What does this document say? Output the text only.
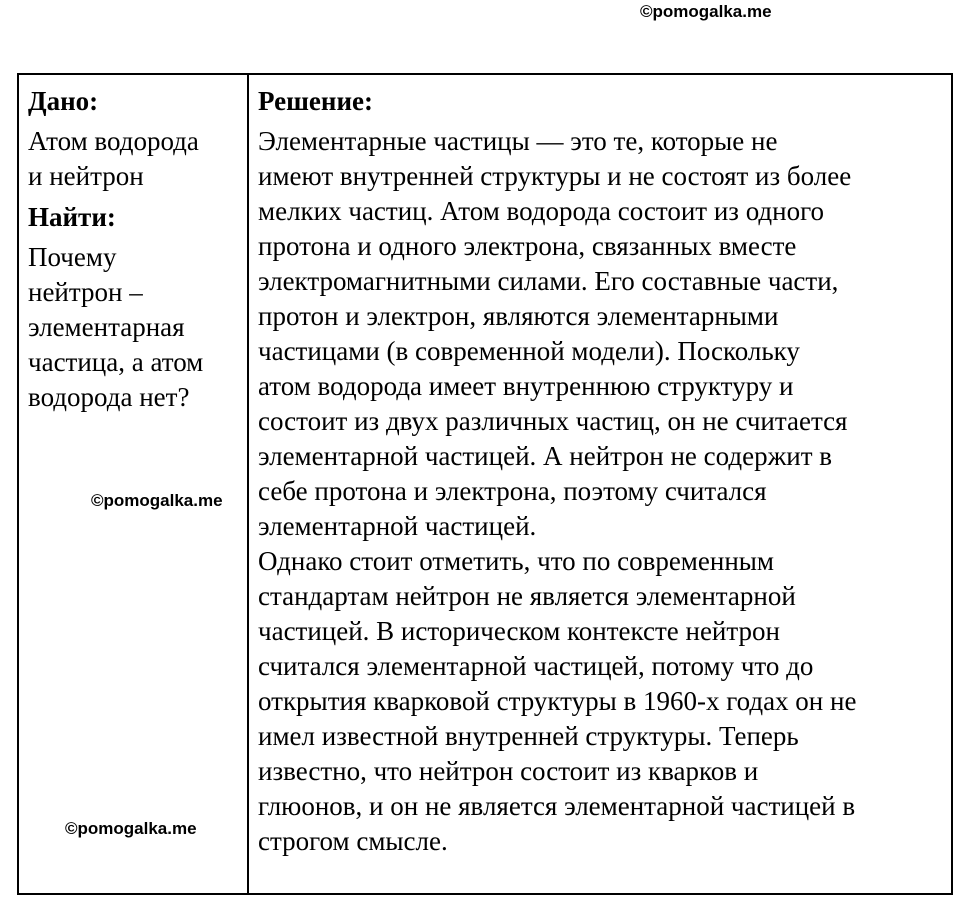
Дано:

Атом водорода
и нейтрон

Найти:

Почему
нейтрон –
элементарная
частица, а атом
водорода нет?

©pomogalka.me
©pomogalka.me
Решение:

Элементарные частицы — это те, которые не
имеют внутренней структуры и не состоят из более
мелких частиц. Атом водорода состоит из одного
протона и одного электрона, связанных вместе
электромагнитными силами. Его составные части,
протон и электрон, являются элементарными
частицами (в современной модели). Поскольку
атом водорода имеет внутреннюю структуру и
состоит из двух различных частиц, он не считается
элементарной частицей. А нейтрон не содержит в
себе протона и электрона, поэтому считался
элементарной частицей.

Однако стоит отметить, что по современным
стандартам нейтрон не является элементарной
частицей. В историческом контексте нейтрон
считался элементарной частицей, потому что до
открытия кварковой структуры в 1960-х годах он не
имел известной внутренней структуры. Теперь
известно, что нейтрон состоит из кварков и
глюонов, и он не является элементарной частицей в
строгом смысле.

©pomogalka.me
